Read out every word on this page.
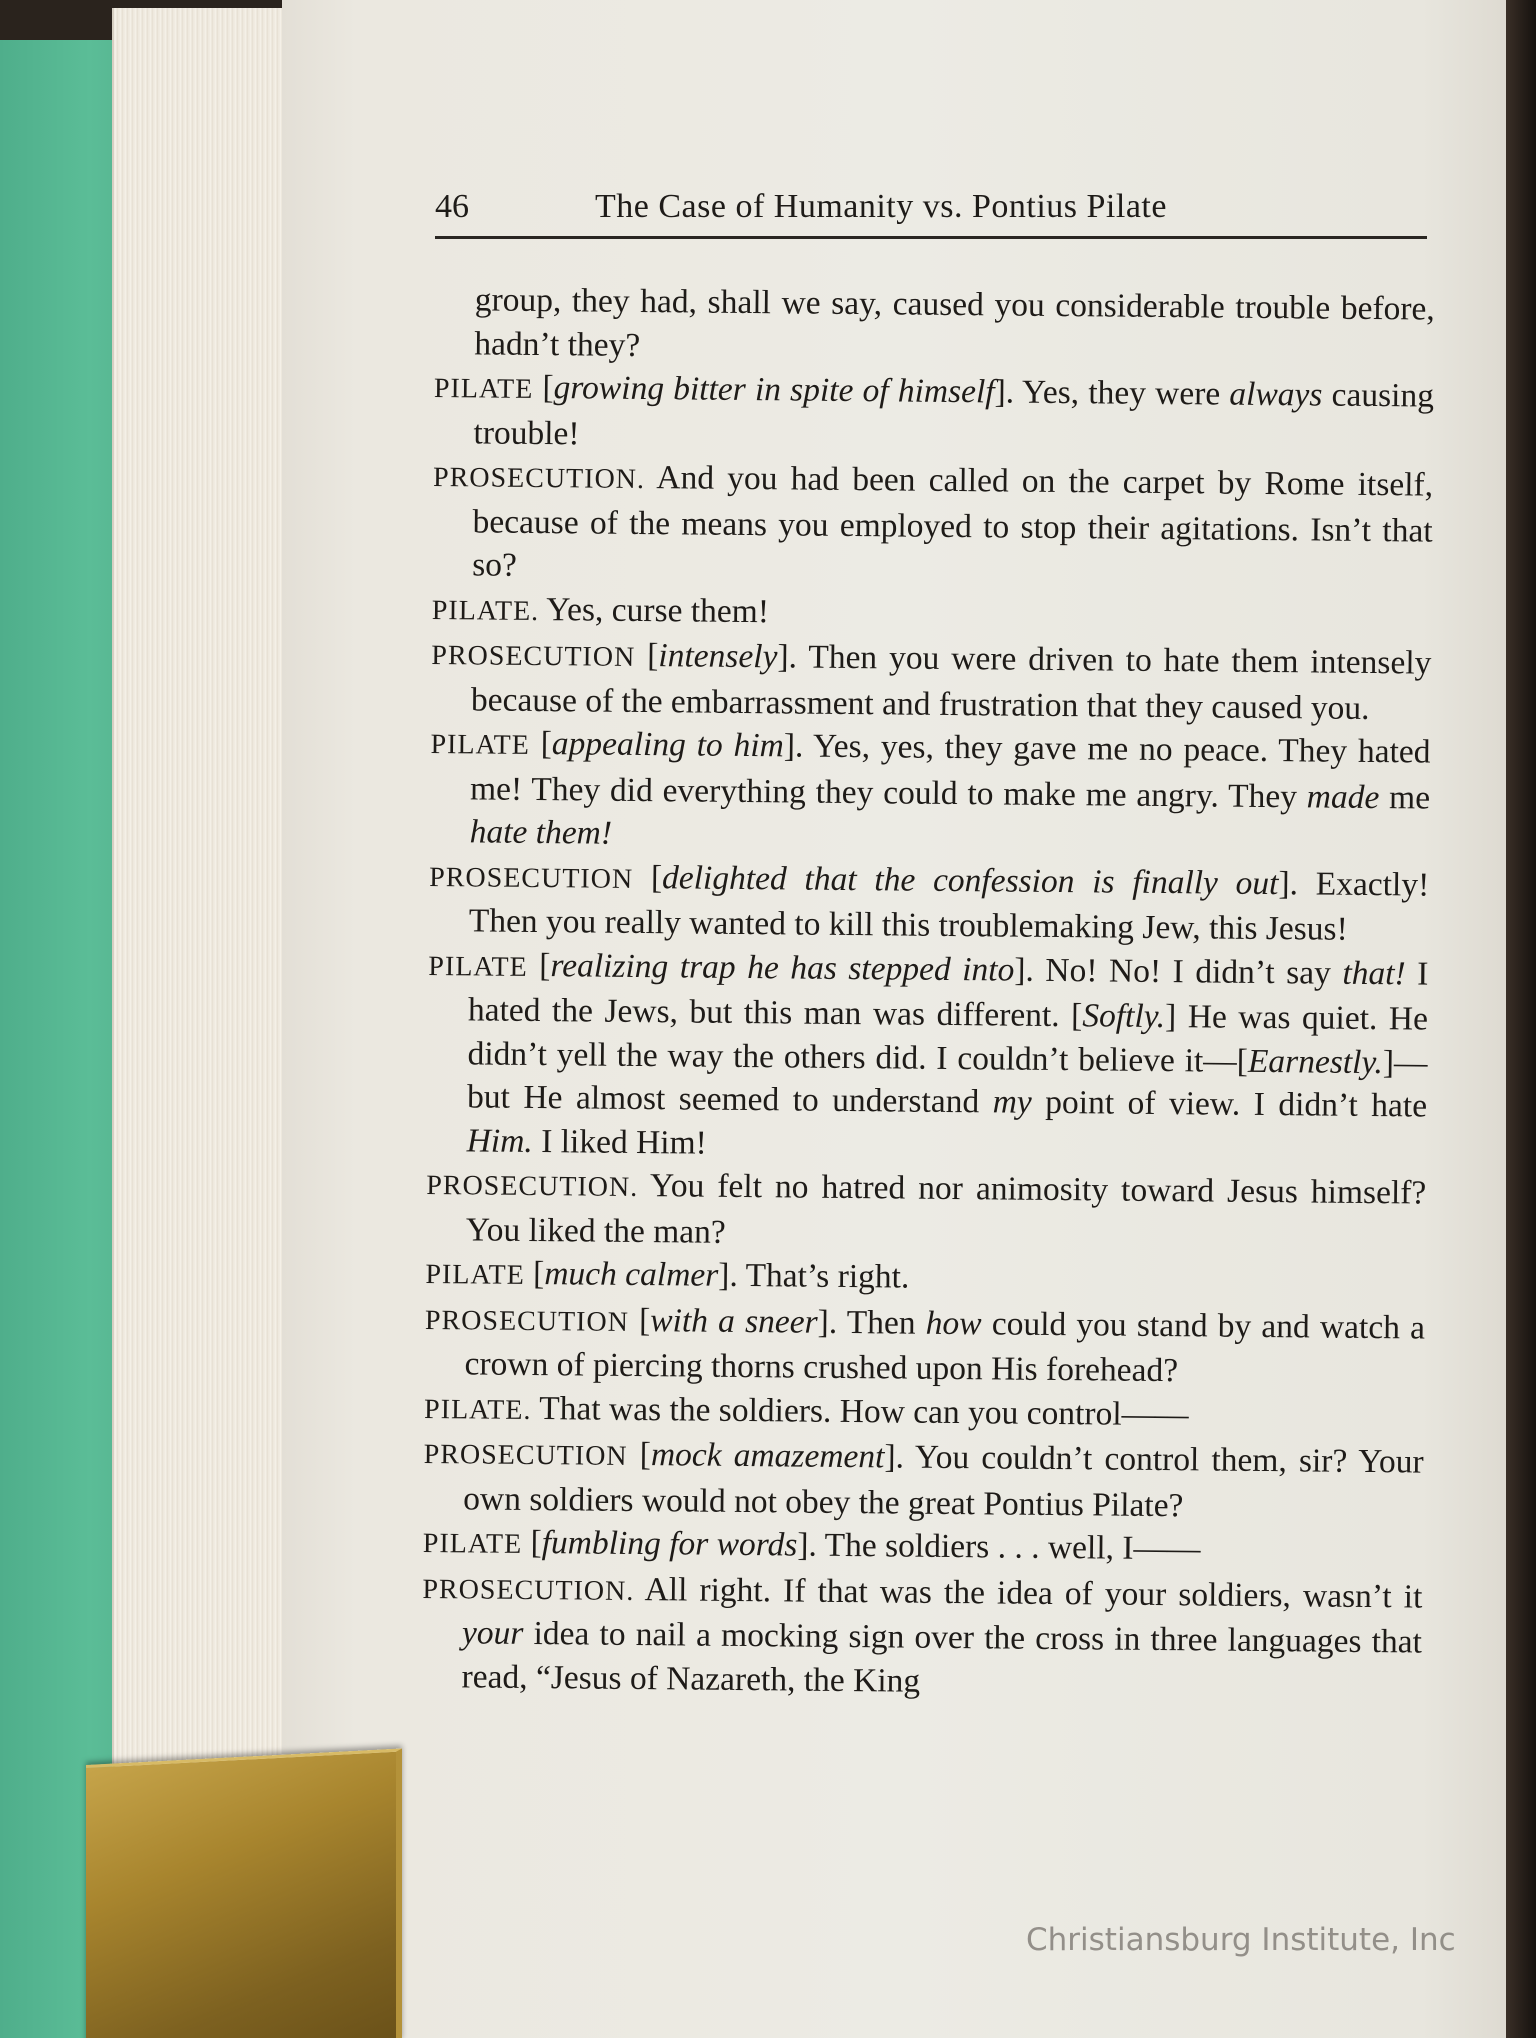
46	The Case of Humanity vs. Pontius Pilate

group, they had, shall we say, caused you considerable trouble before, hadn’t they?

PILATE [growing bitter in spite of himself]. Yes, they were always causing trouble!

PROSECUTION. And you had been called on the carpet by Rome itself, because of the means you employed to stop their agitations. Isn’t that so?

PILATE. Yes, curse them!

PROSECUTION [intensely]. Then you were driven to hate them intensely because of the embarrassment and frustration that they caused you.

PILATE [appealing to him]. Yes, yes, they gave me no peace. They hated me! They did everything they could to make me angry. They made me hate them!

PROSECUTION [delighted that the confession is finally out]. Exactly! Then you really wanted to kill this troublemaking Jew, this Jesus!

PILATE [realizing trap he has stepped into]. No! No! I didn’t say that! I hated the Jews, but this man was different. [Softly.] He was quiet. He didn’t yell the way the others did. I couldn’t believe it—[Earnestly.]—but He almost seemed to understand my point of view. I didn’t hate Him. I liked Him!

PROSECUTION. You felt no hatred nor animosity toward Jesus himself? You liked the man?

PILATE [much calmer]. That’s right.

PROSECUTION [with a sneer]. Then how could you stand by and watch a crown of piercing thorns crushed upon His forehead?

PILATE. That was the soldiers. How can you control——

PROSECUTION [mock amazement]. You couldn’t control them, sir? Your own soldiers would not obey the great Pontius Pilate?

PILATE [fumbling for words]. The soldiers . . . well, I——

PROSECUTION. All right. If that was the idea of your soldiers, wasn’t it your idea to nail a mocking sign over the cross in three languages that read, “Jesus of Nazareth, the King

Christiansburg Institute, Inc
